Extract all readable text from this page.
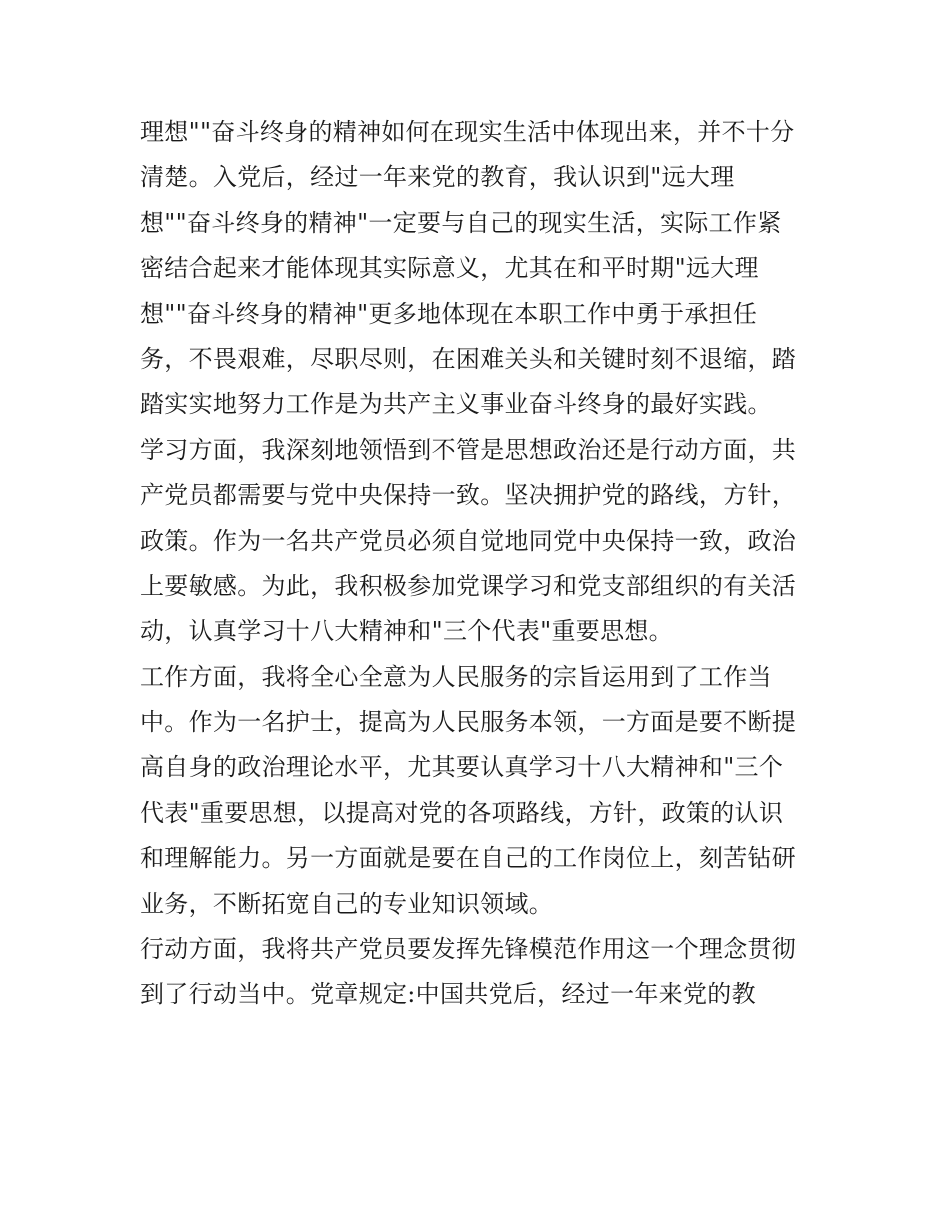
理想""奋斗终身的精神如何在现实生活中体现出来，并不十分
清楚。入党后，经过一年来党的教育，我认识到"远大理
想""奋斗终身的精神"一定要与自己的现实生活，实际工作紧
密结合起来才能体现其实际意义，尤其在和平时期"远大理
想""奋斗终身的精神"更多地体现在本职工作中勇于承担任
务，不畏艰难，尽职尽则，在困难关头和关键时刻不退缩，踏
踏实实地努力工作是为共产主义事业奋斗终身的最好实践。
学习方面，我深刻地领悟到不管是思想政治还是行动方面，共
产党员都需要与党中央保持一致。坚决拥护党的路线，方针，
政策。作为一名共产党员必须自觉地同党中央保持一致，政治
上要敏感。为此，我积极参加党课学习和党支部组织的有关活
动，认真学习十八大精神和"三个代表"重要思想。
工作方面，我将全心全意为人民服务的宗旨运用到了工作当
中。作为一名护士，提高为人民服务本领，一方面是要不断提
高自身的政治理论水平，尤其要认真学习十八大精神和"三个
代表"重要思想，以提高对党的各项路线，方针，政策的认识
和理解能力。另一方面就是要在自己的工作岗位上，刻苦钻研
业务，不断拓宽自己的专业知识领域。
行动方面，我将共产党员要发挥先锋模范作用这一个理念贯彻
到了行动当中。党章规定:中国共党后，经过一年来党的教
